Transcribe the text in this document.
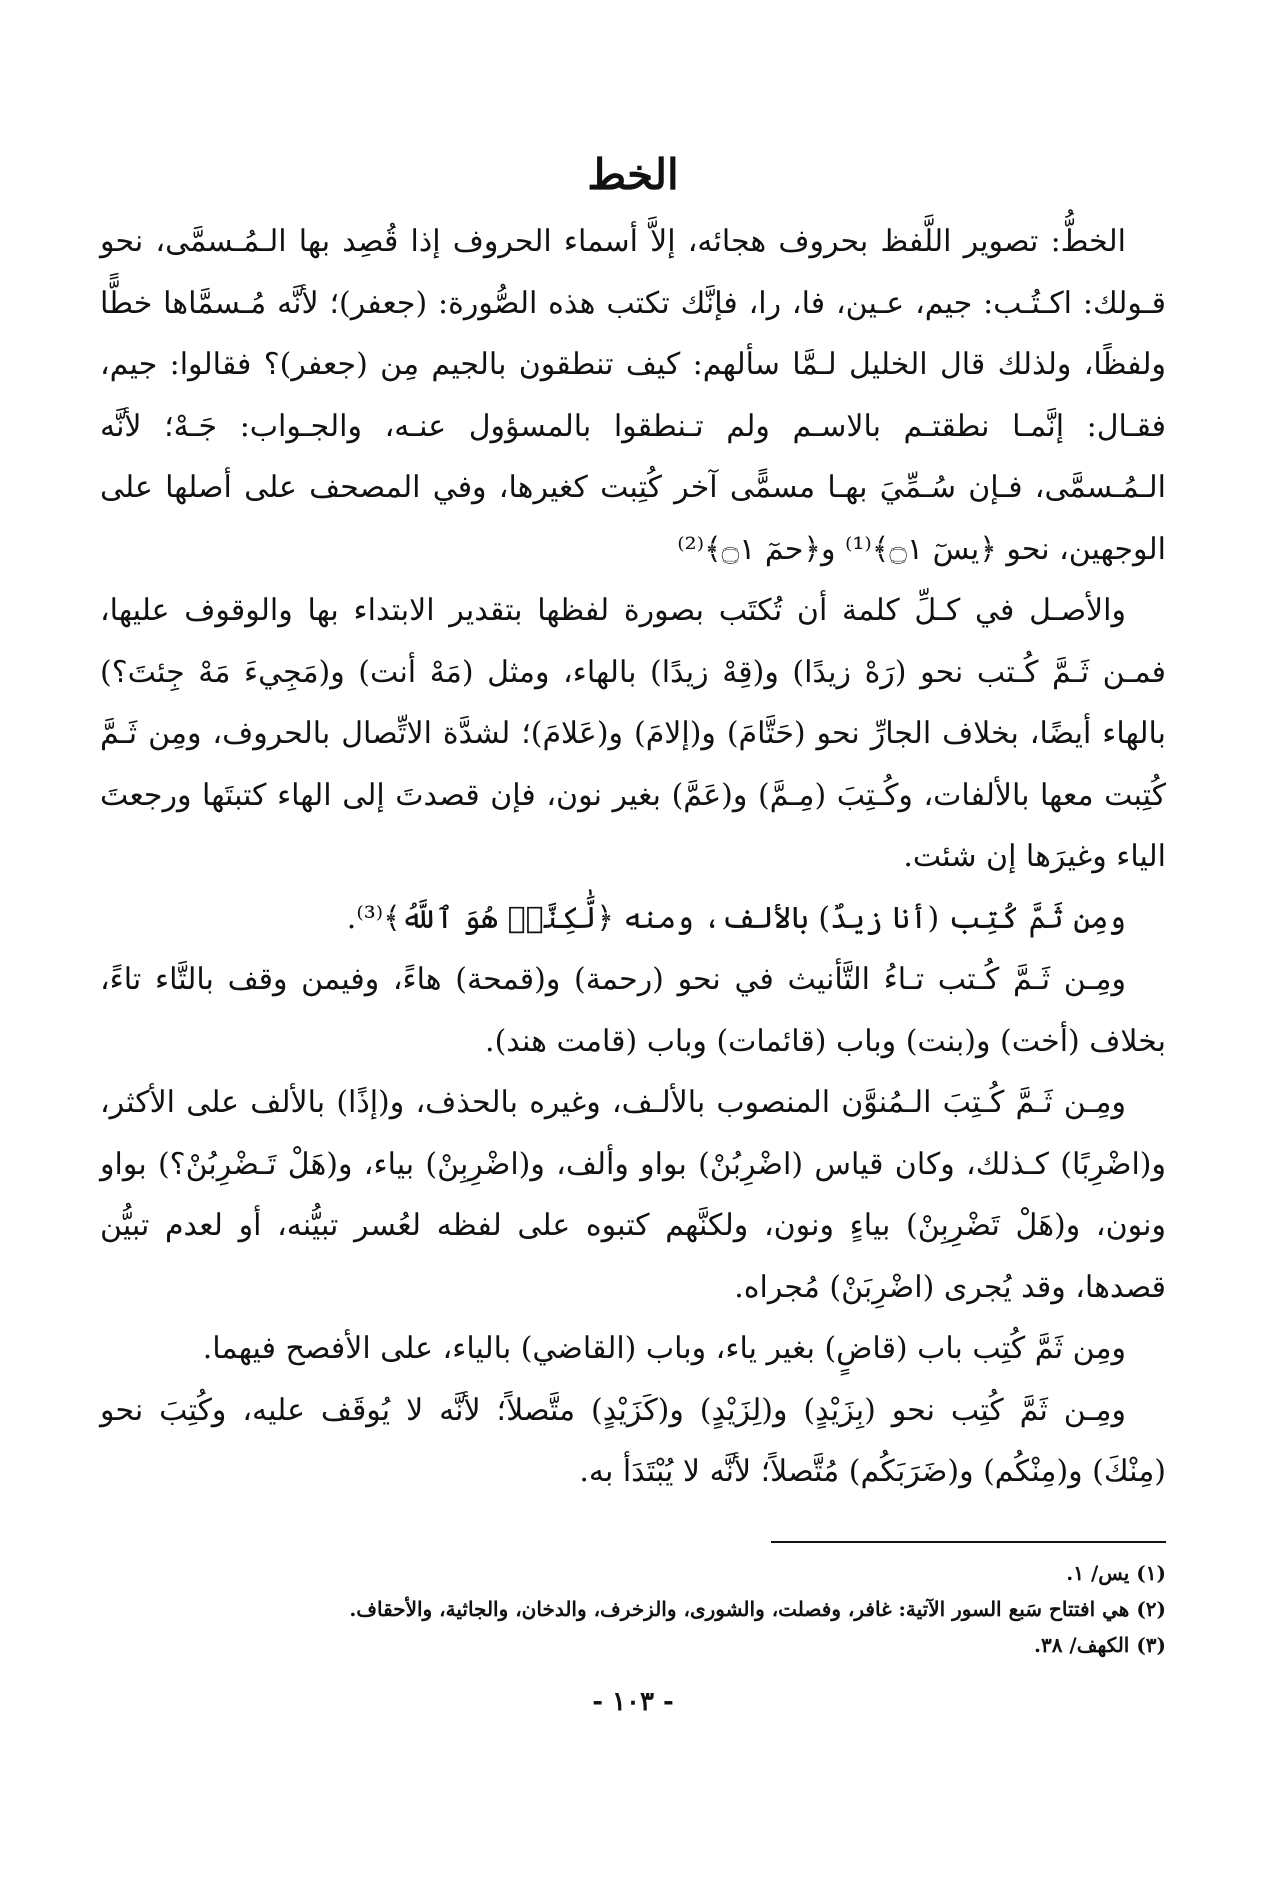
الخط

الخطُّ: تصوير اللَّفظ بحروف هجائه، إلاَّ أسماء الحروف إذا قُصِد بها الـمُـسمَّى، نحو قـولك: اكـتُـب: جيم، عـين، فا، را، فإنَّك تكتب هذه الصُّورة: (جعفر)؛ لأنَّه مُـسمَّاها خطًّا ولفظًا، ولذلك قال الخليل لـمَّا سألهم: كيف تنطقون بالجيم مِن (جعفر)؟ فقالوا: جيم، فقـال: إنَّمـا نطقتـم بالاسـم ولم تـنطقوا بالمسؤول عنـه، والجـواب: جَـهْ؛ لأنَّه الـمُـسمَّى، فـإن سُـمِّيَ بهـا مسمًّى آخر كُتِبت كغيرها، وفي المصحف على أصلها على الوجهين، نحو ﴿يسٓ ۝١﴾⁽¹⁾ و﴿حمٓ ۝١﴾⁽²⁾

والأصـل في كـلِّ كلمة أن تُكتَب بصورة لفظها بتقدير الابتداء بها والوقوف عليها، فمـن ثَـمَّ كُـتب نحو (رَهْ زيدًا) و(قِهْ زيدًا) بالهاء، ومثل (مَهْ أنت) و(مَجِيءَ مَهْ جِئتَ؟) بالهاء أيضًا، بخلاف الجارِّ نحو (حَتَّامَ) و(إلامَ) و(عَلامَ)؛ لشدَّة الاتِّصال بالحروف، ومِن ثَـمَّ كُتِبت معها بالألفات، وكُـتِبَ (مِـمَّ) و(عَمَّ) بغير نون، فإن قصدتَ إلى الهاء كتبتَها ورجعتَ الياء وغيرَها إن شئت.

ومِن ثَمَّ كُتِب (أنا زيدٌ) بالألف، ومنه ﴿لَّٰكِنَّا۠ هُوَ ٱللَّهُ﴾⁽³⁾.

ومِـن ثَـمَّ كُـتب تـاءُ التَّأنيث في نحو (رحمة) و(قمحة) هاءً، وفيمن وقف بالتَّاء تاءً، بخلاف (أخت) و(بنت) وباب (قائمات) وباب (قامت هند).

ومِـن ثَـمَّ كُـتِبَ الـمُنوَّن المنصوب بالألـف، وغيره بالحذف، و(إذًا) بالألف على الأكثر، و(اضْرِبًا) كـذلك، وكان قياس (اضْرِبُنْ) بواو وألف، و(اضْرِبِنْ) بياء، و(هَلْ تَـضْرِبُنْ؟) بواو ونون، و(هَلْ تَضْرِبِنْ) بياءٍ ونون، ولكنَّهم كتبوه على لفظه لعُسر تبيُّنه، أو لعدم تبيُّن قصدها، وقد يُجرى (اضْرِبَنْ) مُجراه.

ومِن ثَمَّ كُتِب باب (قاضٍ) بغير ياء، وباب (القاضي) بالياء، على الأفصح فيهما.

ومِـن ثَمَّ كُتِب نحو (بِزَيْدٍ) و(لِزَيْدٍ) و(كَزَيْدٍ) متَّصلاً؛ لأنَّه لا يُوقَف عليه، وكُتِبَ نحو (مِنْكَ) و(مِنْكُم) و(ضَرَبَكُم) مُتَّصلاً؛ لأنَّه لا يُبْتَدَأ به.

(١) يس/ ١.
(٢) هي افتتاح سَبع السور الآتية: غافر، وفصلت، والشورى، والزخرف، والدخان، والجاثية، والأحقاف.
(٣) الكهف/ ٣٨.
- ١٠٣ -
